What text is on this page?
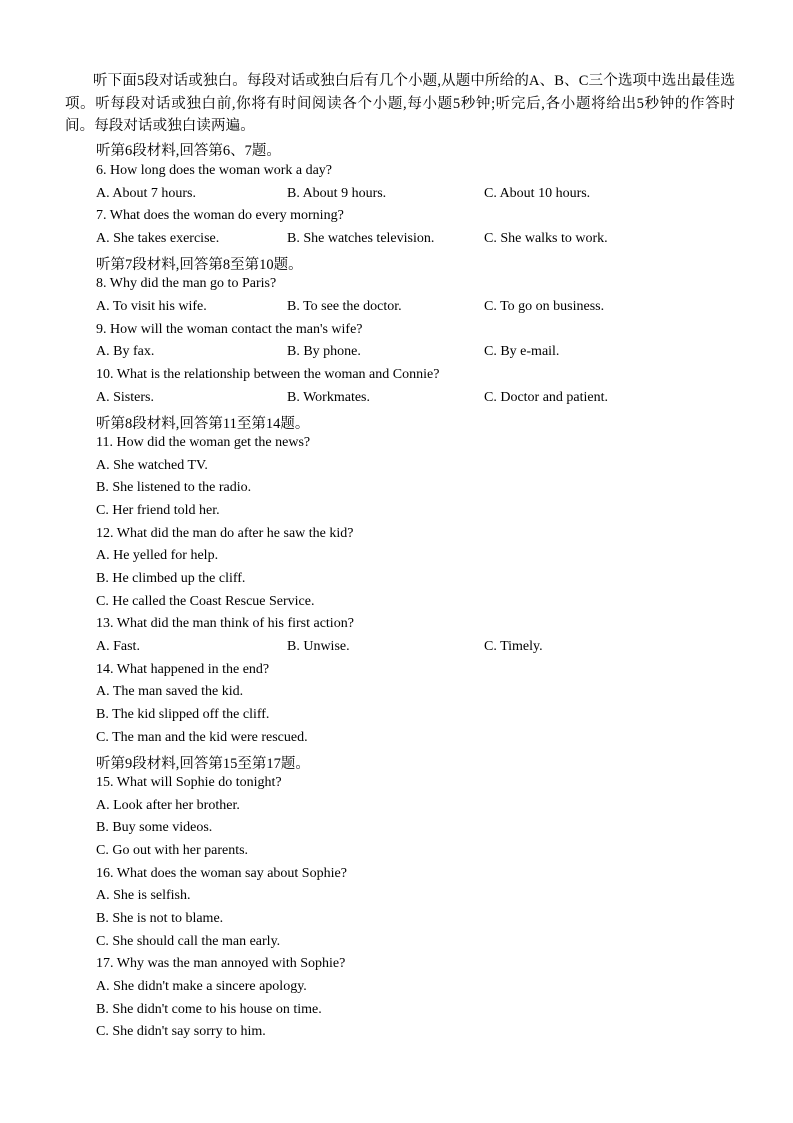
听下面5段对话或独白。每段对话或独白后有几个小题,从题中所给的A、B、C三个选项中选出最佳选项。听每段对话或独白前,你将有时间阅读各个小题,每小题5秒钟;听完后,各小题将给出5秒钟的作答时间。每段对话或独白读两遍。
听第6段材料,回答第6、7题。
6. How long does the woman work a day?
A. About 7 hours.	B. About 9 hours.	C. About 10 hours.
7. What does the woman do every morning?
A. She takes exercise.	B. She watches television.	C. She walks to work.
听第7段材料,回答第8至第10题。
8. Why did the man go to Paris?
A. To visit his wife.	B. To see the doctor.	C. To go on business.
9. How will the woman contact the man's wife?
A. By fax.	B. By phone.	C. By e-mail.
10. What is the relationship between the woman and Connie?
A. Sisters.	B. Workmates.	C. Doctor and patient.
听第8段材料,回答第11至第14题。
11. How did the woman get the news?
A. She watched TV.
B. She listened to the radio.
C. Her friend told her.
12. What did the man do after he saw the kid?
A. He yelled for help.
B. He climbed up the cliff.
C. He called the Coast Rescue Service.
13. What did the man think of his first action?
A. Fast.	B. Unwise.	C. Timely.
14. What happened in the end?
A. The man saved the kid.
B. The kid slipped off the cliff.
C. The man and the kid were rescued.
听第9段材料,回答第15至第17题。
15. What will Sophie do tonight?
A. Look after her brother.
B. Buy some videos.
C. Go out with her parents.
16. What does the woman say about Sophie?
A. She is selfish.
B. She is not to blame.
C. She should call the man early.
17. Why was the man annoyed with Sophie?
A. She didn't make a sincere apology.
B. She didn't come to his house on time.
C. She didn't say sorry to him.
